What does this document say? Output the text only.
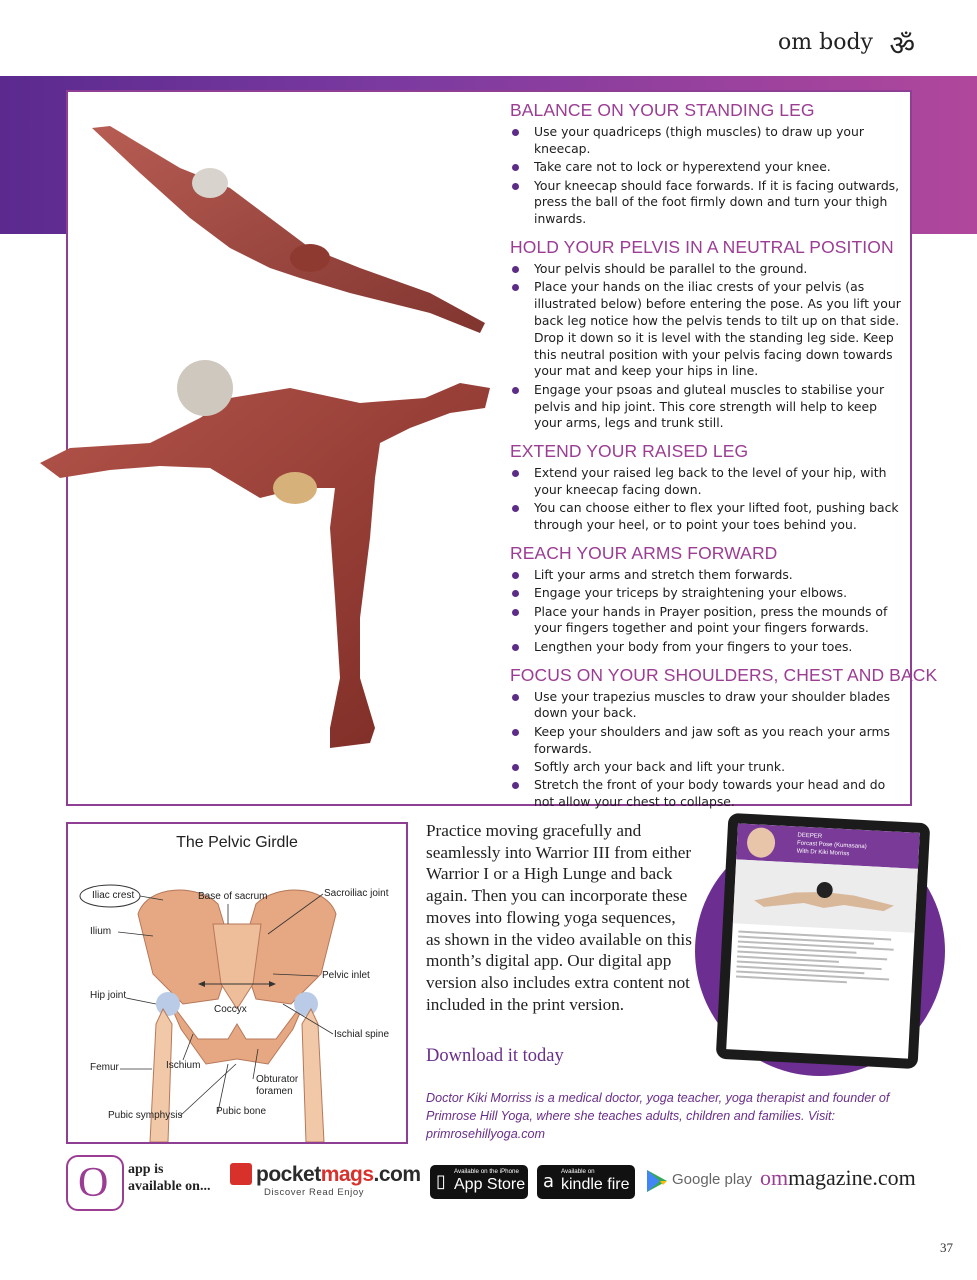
om body ॐ
BALANCE ON YOUR STANDING LEG
Use your quadriceps (thigh muscles) to draw up your kneecap.
Take care not to lock or hyperextend your knee.
Your kneecap should face forwards. If it is facing outwards, press the ball of the foot firmly down and turn your thigh inwards.
HOLD YOUR PELVIS IN A NEUTRAL POSITION
Your pelvis should be parallel to the ground.
Place your hands on the iliac crests of your pelvis (as illustrated below) before entering the pose. As you lift your back leg notice how the pelvis tends to tilt up on that side. Drop it down so it is level with the standing leg side. Keep this neutral position with your pelvis facing down towards your mat and keep your hips in line.
Engage your psoas and gluteal muscles to stabilise your pelvis and hip joint. This core strength will help to keep your arms, legs and trunk still.
EXTEND YOUR RAISED LEG
Extend your raised leg back to the level of your hip, with your kneecap facing down.
You can choose either to flex your lifted foot, pushing back through your heel, or to point your toes behind you.
REACH YOUR ARMS FORWARD
Lift your arms and stretch them forwards.
Engage your triceps by straightening your elbows.
Place your hands in Prayer position, press the mounds of your fingers together and point your fingers forwards.
Lengthen your body from your fingers to your toes.
FOCUS ON YOUR SHOULDERS, CHEST AND BACK
Use your trapezius muscles to draw your shoulder blades down your back.
Keep your shoulders and jaw soft as you reach your arms forwards.
Softly arch your back and lift your trunk.
Stretch the front of your body towards your head and do not allow your chest to collapse.
The Pelvic Girdle
Iliac crest	Base of sacrum	Sacroiliac joint
Ilium
Pelvic inlet
Hip joint
Coccyx
Ischial spine
Femur	Ischium
Obturator foramen
Pubic symphysis	Pubic bone
Practice moving gracefully and seamlessly into Warrior III from either Warrior I or a High Lunge and back again. Then you can incorporate these moves into flowing yoga sequences, as shown in the video available on this month’s digital app. Our digital app version also includes extra content not included in the print version.
Download it today
Doctor Kiki Morriss is a medical doctor, yoga teacher, yoga therapist and founder of Primrose Hill Yoga, where she teaches adults, children and families. Visit: primrosehillyoga.com
DEEPER
Forcast Pose (Kumasana)
With Dr Kiki Morriss
O app is
available on...
pocketmags.com
Discover Read Enjoy
▯ Available on the iPhone
App Store a Available on
kindle fire	Google play ommagazine.com
37
